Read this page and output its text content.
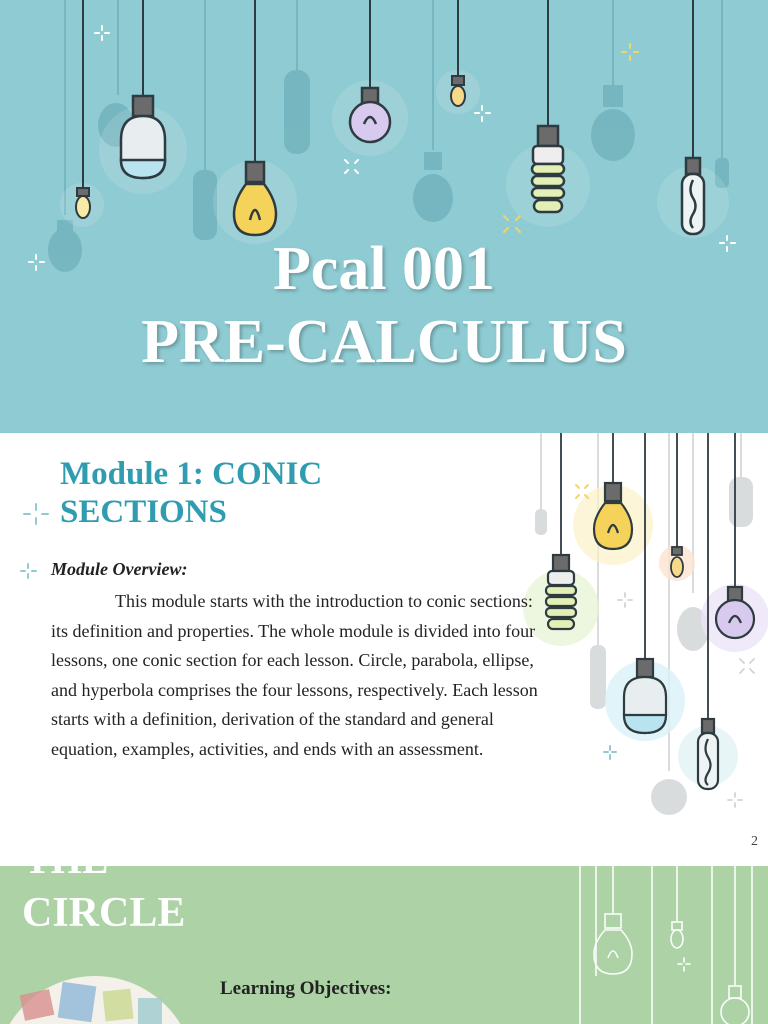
Pcal 001
PRE-CALCULUS
Module 1: CONIC SECTIONS
Module Overview:
This module starts with the introduction to conic sections: its definition and properties. The whole module is divided into four lessons, one conic section for each lesson. Circle, parabola, ellipse, and hyperbola comprises the four lessons, respectively. Each lesson starts with a definition, derivation of the standard and general equation, examples, activities, and ends with an assessment.
2
THE
CIRCLE
Learning Objectives:
